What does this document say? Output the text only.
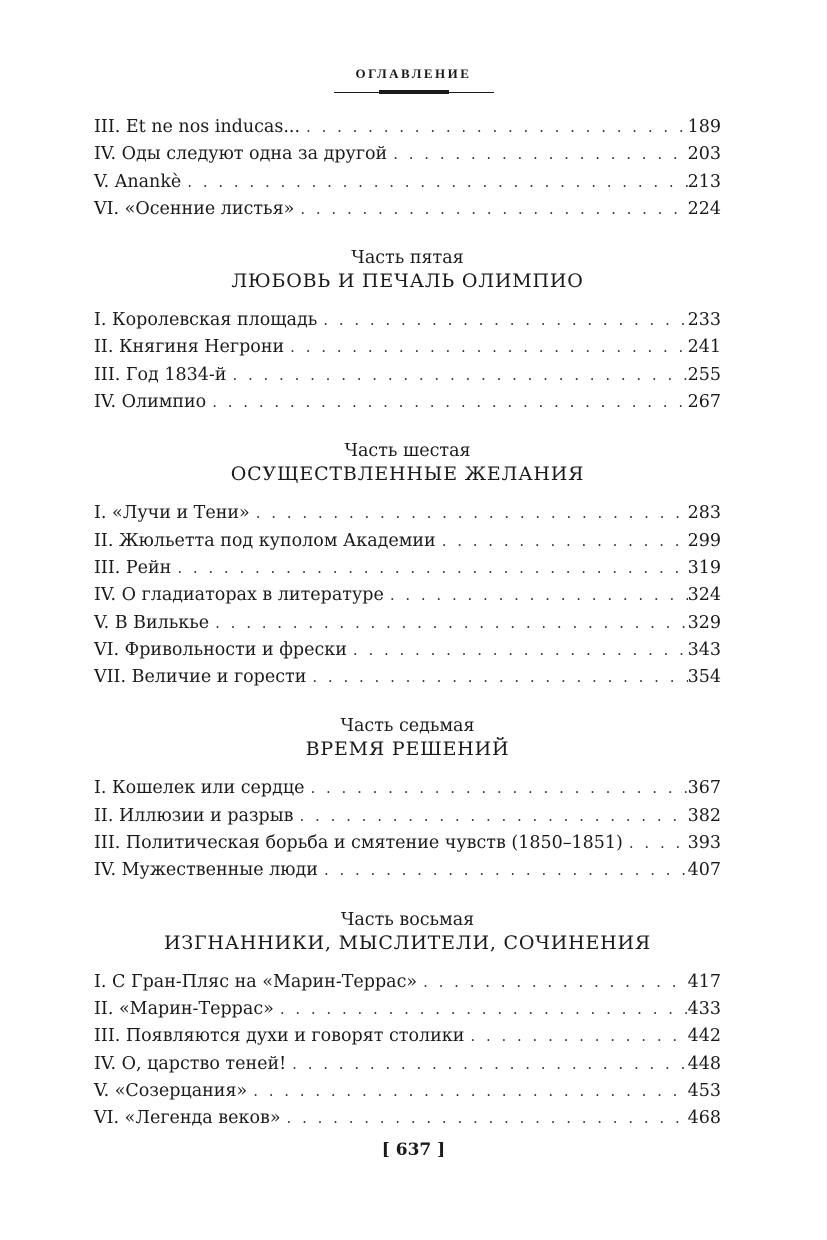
ОГЛАВЛЕНИЕ
III. Et ne nos inducas... . . .	189
IV. Оды следуют одна за другой . . .	203
V. Anankè . . .	213
VI. «Осенние листья» . . .	224
Часть пятая
ЛЮБОВЬ И ПЕЧАЛЬ ОЛИМПИО
I. Королевская площадь . . .	233
II. Княгиня Негрони . . .	241
III. Год 1834-й . . .	255
IV. Олимпио . . .	267
Часть шестая
ОСУЩЕСТВЛЕННЫЕ ЖЕЛАНИЯ
I. «Лучи и Тени» . . .	283
II. Жюльетта под куполом Академии . . .	299
III. Рейн . . .	319
IV. О гладиаторах в литературе . . .	324
V. В Вилькье . . .	329
VI. Фривольности и фрески . . .	343
VII. Величие и горести . . .	354
Часть седьмая
ВРЕМЯ РЕШЕНИЙ
I. Кошелек или сердце . . .	367
II. Иллюзии и разрыв . . .	382
III. Политическая борьба и смятение чувств (1850–1851) . . .	393
IV. Мужественные люди . . .	407
Часть восьмая
ИЗГНАННИКИ, МЫСЛИТЕЛИ, СОЧИНЕНИЯ
I. С Гран-Пляс на «Марин-Террас» . . .	417
II. «Марин-Террас» . . .	433
III. Появляются духи и говорят столики . . .	442
IV. О, царство теней! . . .	448
V. «Созерцания» . . .	453
VI. «Легенда веков» . . .	468
[ 637 ]
